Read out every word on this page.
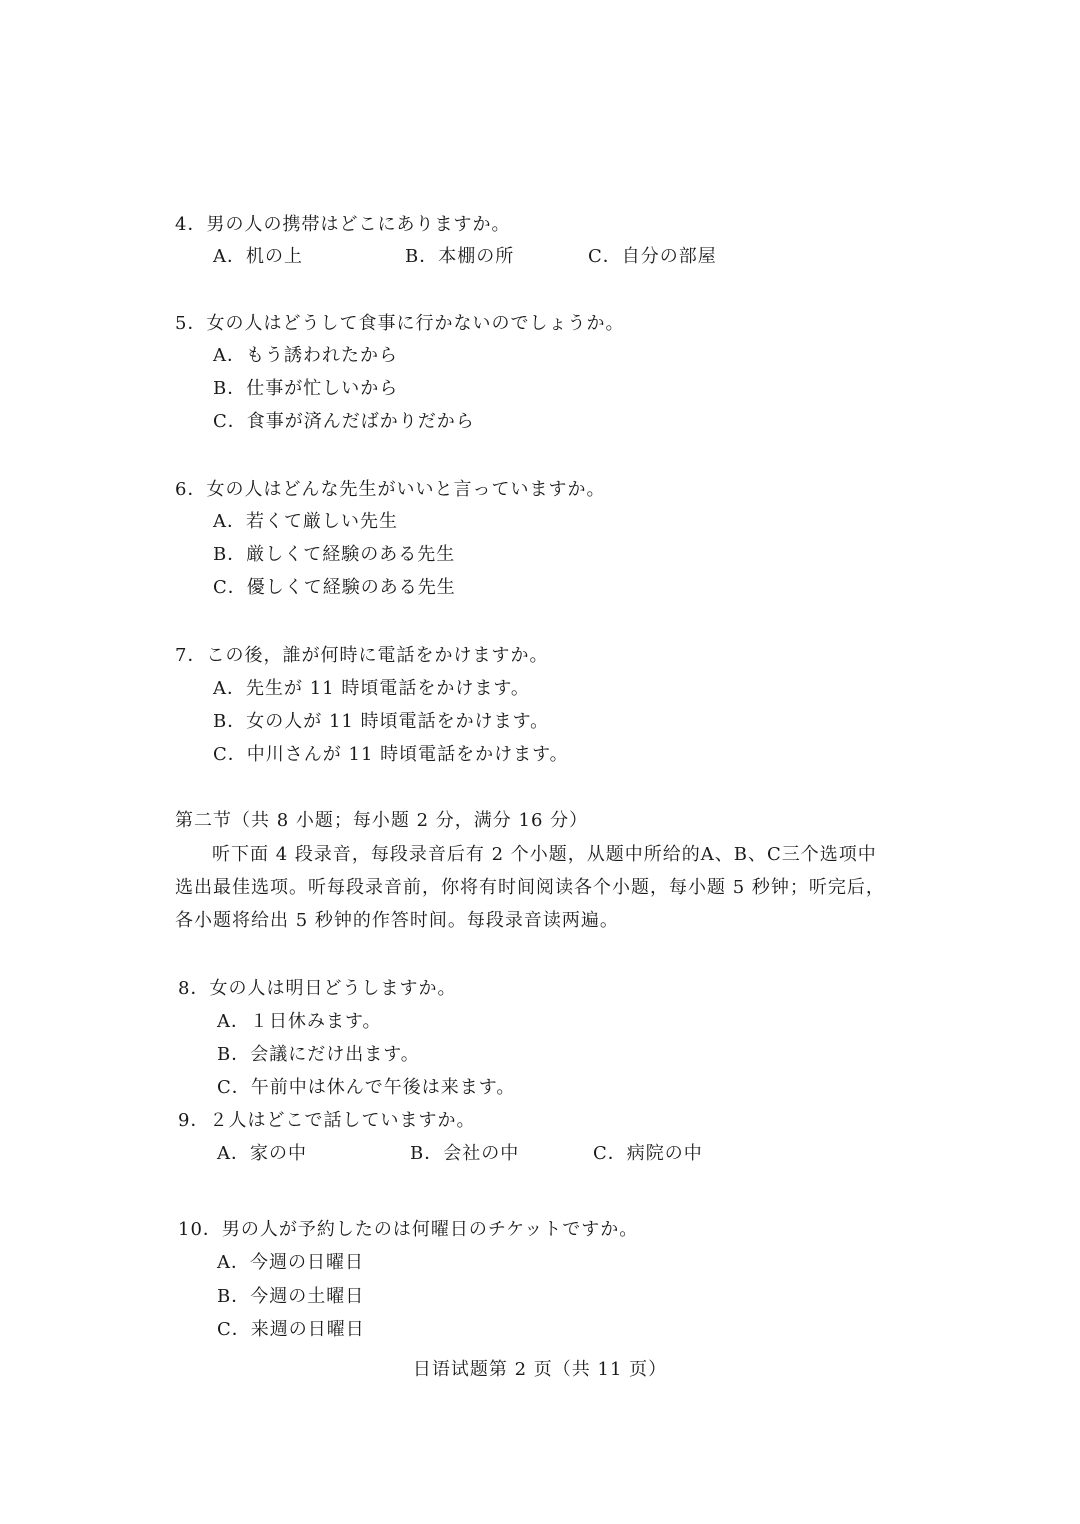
4．男の人の携帯はどこにありますか。
A．机の上	B．本棚の所	C．自分の部屋
5．女の人はどうして食事に行かないのでしょうか。
A．もう誘われたから
B．仕事が忙しいから
C．食事が済んだばかりだから
6．女の人はどんな先生がいいと言っていますか。
A．若くて厳しい先生
B．厳しくて経験のある先生
C．優しくて経験のある先生
7．この後，誰が何時に電話をかけますか。
A．先生が 11 時頃電話をかけます。
B．女の人が 11 時頃電話をかけます。
C．中川さんが 11 時頃電話をかけます。
第二节（共 8 小题；每小题 2 分，满分 16 分）
听下面 4 段录音，每段录音后有 2 个小题，从题中所给的A、B、C三个选项中
选出最佳选项。听每段录音前，你将有时间阅读各个小题，每小题 5 秒钟；听完后，
各小题将给出 5 秒钟的作答时间。每段录音读两遍。
8．女の人は明日どうしますか。
A．１日休みます。
B．会議にだけ出ます。
C．午前中は休んで午後は来ます。
9．２人はどこで話していますか。
A．家の中	B．会社の中	C．病院の中
10．男の人が予約したのは何曜日のチケットですか。
A．今週の日曜日
B．今週の土曜日
C．来週の日曜日
日语试题第 2 页（共 11 页）
